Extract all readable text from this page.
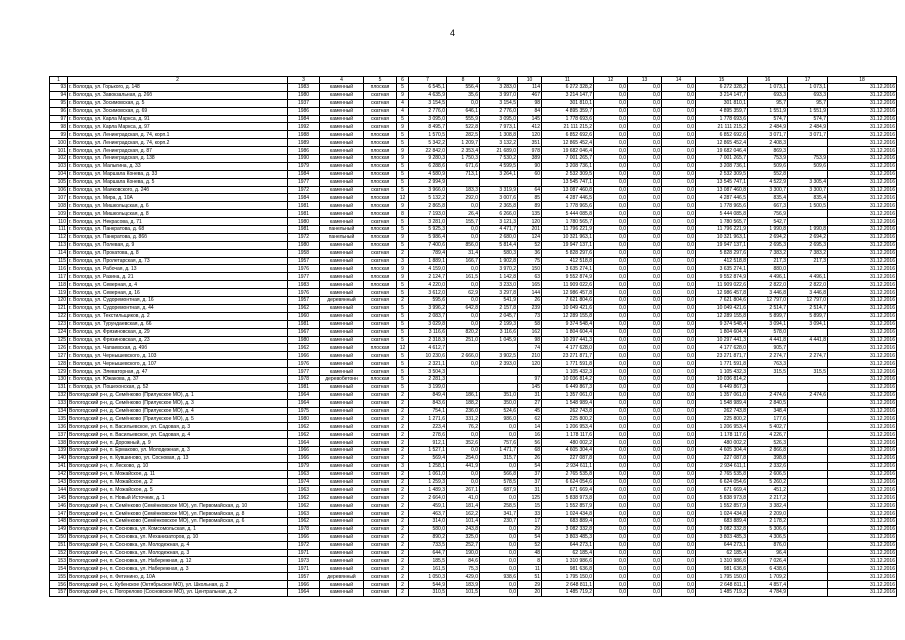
4
1	2	3	4	5	6	7	8	9	10	11	12	13	14	15	16	17	18
93	г. Вологда, ул. Горького, д. 148	1983	каменный	плоская	5	6 545,1	556,4	3 283,0	114	6 272 328,2	0,0	0,0	0,0	6 272 328,2	1 073,1	1 073,1	31.12.2016
94	г. Вологда, ул. Завокзальная, д. 26б	1980	каменный	скатная	9	4 635,9	35,6	3 997,0	467	3 214 147,7	0,0	0,0	0,0	3 214 147,7	693,3	693,3	31.12.2016
95	г. Вологда, ул. Зосимовская, д. 5	1937	каменный	скатная	4	3 154,5	0,0	3 154,5	98	301 810,1	0,0	0,0	0,0	301 810,1	95,7	95,7	31.12.2016
96	г. Вологда, ул. Зосимовская, д. 69	1986	каменный	скатная	4	2 776,0	646,1	2 776,0	84	4 895 359,7	0,0	0,0	0,0	4 895 359,7	1 551,9	1 551,9	31.12.2016
97	г. Вологда, ул. Карла Маркса, д. 91	1984	каменный	скатная	5	3 095,0	555,9	3 095,0	145	1 778 693,6	0,0	0,0	0,0	1 778 693,6	574,7	574,7	31.12.2016
98	г. Вологда, ул. Карла Маркса, д. 97	1992	каменный	скатная	9	8 495,7	522,8	7 973,1	412	21 111 215,2	0,0	0,0	0,0	21 111 215,2	2 484,9	2 484,9	31.12.2016
99	г. Вологда, ул. Ленинградская, д. 74, корп.1	1988	каменный	плоская	5	1 570,5	282,5	1 308,8	120	6 852 692,6	0,0	0,0	0,0	6 852 692,6	3 071,7	3 071,7	31.12.2016
100	г. Вологда, ул. Ленинградская, д. 74, корп.2	1989	каменный	плоская	5	5 342,2	1 209,7	3 132,2	351	12 865 452,4	0,0	0,0	0,0	12 865 452,4	2 408,3		31.12.2016
101	г. Вологда, ул. Ленинградская, д. 87	1986	каменный	плоская	9	22 842,0	2 353,4	21 689,0	978	19 682 046,4	0,0	0,0	0,0	19 682 046,4	869,3		31.12.2016
102	г. Вологда, ул. Ленинградская, д. 138	1990	каменный	плоская	9	9 280,3	1 750,3	7 530,2	389	7 001 265,7	0,0	0,0	0,0	7 001 265,7	753,9	753,9	31.12.2016
103	г. Вологда, ул. Малыгина, д. 33	1979	каменный	плоская	5	6 288,6	671,6	4 599,5	90	3 208 736,1	0,0	0,0	0,0	3 208 736,1	509,6	509,6	31.12.2016
104	г. Вологда, ул. Маршала Конева, д. 33	1984	каменный	плоская	5	4 580,9	713,1	3 264,1	60	2 532 309,5	0,0	0,0	0,0	2 532 309,5	552,8		31.12.2016
105	г. Вологда, ул. Маршала Конева, д. 5	1977	каменный	плоская	5	2 994,9				13 545 747,1	0,0	0,0	0,0	13 545 747,1	4 522,9	3 305,4	31.12.2016
106	г. Вологда, ул. Маяковского, д. 24б	1972	каменный	скатная	5	3 966,0	183,3	3 319,9	64	13 087 460,8	0,0	0,0	0,0	13 087 460,8	3 300,7	3 300,7	31.12.2016
107	г. Вологда, ул. Мира, д. 10А	1984	каменный	плоская	12	5 132,2	292,0	3 007,6	85	4 287 446,5	0,0	0,0	0,0	4 287 446,5	835,4	835,4	31.12.2016
108	г. Вологда, ул. Мишкольцская, д. 6	1981	каменный	плоская	9	2 865,8	0,0	2 365,8	89	1 778 965,6	0,0	0,0	0,0	1 778 965,6	667,3	1 500,5	31.12.2016
109	г. Вологда, ул. Мишкольцская, д. 8	1981	каменный	плоская	8	7 193,0	26,4	6 266,0	135	5 444 085,8	0,0	0,0	0,0	5 444 085,8	756,9		31.12.2016
110	г. Вологда, ул. Некрасова, д. 71	1980	каменный	скатная	5	3 281,0	155,7	3 121,3	120	1 780 565,7	0,0	0,0	0,0	1 780 565,7	542,7		31.12.2016
111	г. Вологда, ул. Панкратова, д. 68	1981	панельный	плоская	5	5 925,3	0,0	4 471,7	201	11 796 221,9	0,0	0,0	0,0	11 796 221,9	1 990,8	1 990,8	31.12.2016
112	г. Вологда, ул. Панкратова, д. 86б	1972	панельный	плоская	9	5 986,4	0,0	2 680,0	124	10 321 963,1	0,0	0,0	0,0	10 321 963,1	2 694,2	2 694,2	31.12.2016
113	г. Вологда, ул. Полевая, д. 9	1980	каменный	плоская	5	7 400,6	856,0	5 814,4	52	19 947 137,1	0,0	0,0	0,0	19 947 137,1	2 695,3	2 695,3	31.12.2016
114	г. Вологда, ул. Прокатова, д. 8	1958	каменный	скатная	2	789,4	31,4	580,3	36	5 828 297,6	0,0	0,0	0,0	5 828 297,6	7 383,2	7 383,2	31.12.2016
115	г. Вологда, ул. Пролетарская, д. 73	1957	каменный	скатная	3	1 889,1	166,7	1 902,8	75	412 518,8	0,0	0,0	0,0	412 518,8	217,3	217,3	31.12.2016
116	г. Вологда, ул. Рабочая, д. 13	1976	каменный	плоская	9	4 159,0	0,0	3 970,2	150	3 635 274,1	0,0	0,0	0,0	3 635 274,1	880,0		31.12.2016
117	г. Вологда, ул. Разина, д. 21	1977	каменный	плоская	9	2 124,7	161,5	1 142,8	63	9 552 874,9	0,0	0,0	0,0	9 552 874,9	4 496,1	4 496,1	31.12.2016
118	г. Вологда, ул. Северная, д. 4	1983	каменный	плоская	5	4 220,0	0,0	3 233,0	165	11 909 022,6	0,0	0,0	0,0	11 909 022,6	2 822,0	2 822,0	31.12.2016
119	г. Вологда, ул. Северная, д. 16	1976	каменный	скатная	5	3 612,0	62,9	3 297,8	144	12 986 457,8	0,0	0,0	0,0	12 986 457,8	3 446,8	3 446,8	31.12.2016
120	г. Вологда, ул. Судоремонтная, д. 16	1957	деревянный	скатная	2	595,6	0,0	541,9	26	7 621 804,6	0,0	0,0	0,0	7 621 804,6	12 797,0	12 797,0	31.12.2016
121	г. Вологда, ул. Судоремонтная, д. 44	1962	каменный	скатная	5	3 996,2	642,8	2 157,8	239	10 049 421,6	0,0	0,0	0,0	10 049 421,6	2 514,7	2 514,7	31.12.2016
122	г. Вологда, ул. Текстильщиков, д. 2	1960	каменный	скатная	5	2 083,7	0,0	2 045,7	73	12 289 155,8	0,0	0,0	0,0	12 289 155,8	5 899,7	5 899,7	31.12.2016
123	г. Вологда, ул. Турундаевская, д. 66	1981	каменный	скатная	5	3 029,8	0,0	2 199,3	58	9 374 548,4	0,0	0,0	0,0	9 374 548,4	3 094,1	3 094,1	31.12.2016
124	г. Вологда, ул. Фрязиновская, д. 29	1967	каменный	скатная	5	3 116,6	820,2	3 116,6	162	1 804 604,4	0,0	0,0	0,0	1 804 604,4	578,0		31.12.2016
125	г. Вологда, ул. Фрязиновская, д. 23	1980	каменный	скатная	5	2 318,3	251,0	1 045,9	98	10 297 441,3	0,0	0,0	0,0	10 297 441,3	4 441,8	4 441,8	31.12.2016
126	г. Вологда, ул. Чапаевская, д. 49б	1962	каменный	плоская	12	4 612,7			74	4 177 628,0	0,0	0,0	0,0	4 177 628,0	905,7		31.12.2016
127	г. Вологда, ул. Чернышевского, д. 103	1966	каменный	скатная	5	10 230,6	2 666,0	3 902,5	210	23 271 871,7	0,0	0,0	0,0	23 271 871,7	2 274,7	2 274,7	31.12.2016
128	г. Вологда, ул. Чернышевского, д. 107	1976	каменный	скатная	5	2 321,1	0,0	2 393,0	120	1 771 591,8	0,0	0,0	0,0	1 771 591,8	763,3		31.12.2016
129	г. Вологда, ул. Элеваторная, д. 47	1977	каменный	скатная	5	3 504,3				1 105 432,3	0,0	0,0	0,0	1 105 432,3	315,5	315,5	31.12.2016
130	г. Вологда, ул. Южакова, д. 37	1978	деревобетонн	плоская	5	2 281,3			97	10 036 814,2	0,0	0,0	0,0	10 036 814,2			31.12.2016
131	г. Вологда, ул. Пошехонская, д. 52	1981	каменный	скатная	5	3 199,0			145	6 449 867,3	0,0	0,0	0,0	6 449 867,3			31.12.2016
132	Вологодский р-н, д. Семёнково (Прилукское МО), д. 1	1964	каменный	скатная	2	849,4	186,1	351,0	31	1 357 061,0	0,0	0,0	0,0	1 357 061,0	2 474,6	2 474,6	31.12.2016
133	Вологодский р-н, д. Семёнково (Прилукское МО), д. 3	1964	каменный	скатная	2	843,6	188,2	350,0	27	1 548 989,4	0,0	0,0	0,0	1 548 989,4	2 840,5		31.12.2016
134	Вологодский р-н, д. Семёнково (Прилукское МО), д. 4	1975	каменный	скатная	2	754,1	236,0	524,6	45	262 743,8	0,0	0,0	0,0	262 743,8	348,4		31.12.2016
135	Вологодский р-н, д. Семёнково (Прилукское МО), д. 5	1980	каменный	скатная	2	1 271,6	331,2	986,0	62	225 800,2	0,0	0,0	0,0	225 800,2	177,6		31.12.2016
136	Вологодский р-н, п. Васильевское, ул. Садовая, д. 3	1962	каменный	скатная	2	223,4	76,2	0,0	14	1 206 953,4	0,0	0,0	0,0	1 206 953,4	5 402,7		31.12.2016
137	Вологодский р-н, п. Васильевское, ул. Садовая, д. 4	1962	каменный	скатная	2	278,6	0,0	0,0	16	1 178 117,6	0,0	0,0	0,0	1 178 117,6	4 226,7		31.12.2016
138	Вологодский р-н, п. Дорожный, д. 9	1964	каменный	скатная	2	912,1	352,6	757,6	56	480 002,2	0,0	0,0	0,0	480 002,2	526,3		31.12.2016
139	Вологодский р-н, п. Ермаково, ул. Молодежная, д. 3	1966	каменный	скатная	2	1 527,1	0,0	1 471,7	68	4 605 304,4	0,0	0,0	0,0	4 605 304,4	2 866,8		31.12.2016
140	Вологодский р-н, п. Кувшиново, ул. Сосновая, д. 13	1966	каменный	скатная	2	569,4	254,0	315,7	26	227 087,8	0,0	0,0	0,0	227 087,8	398,8		31.12.2016
141	Вологодский р-н, п. Лесково, д. 10	1979	каменный	скатная	3	1 258,1	441,9	0,0	54	2 934 611,1	0,0	0,0	0,0	2 934 611,1	2 332,6		31.12.2016
142	Вологодский р-н, п. Можайское, д. 11	1963	каменный	скатная	2	1 061,0	0,0	566,8	37	2 765 535,8	0,0	0,0	0,0	2 765 535,8	2 606,5		31.12.2016
143	Вологодский р-н, п. Можайское, д. 2	1974	каменный	скатная	2	1 259,3	0,0	578,5	37	6 624 054,6	0,0	0,0	0,0	6 624 054,6	5 260,2		31.12.2016
144	Вологодский р-н, п. Можайское, д. 5	1963	каменный	скатная	2	1 489,3	267,1	687,9	31	671 669,4	0,0	0,0	0,0	671 669,4	451,2		31.12.2016
145	Вологодский р-н, п. Новый Источник, д. 1	1962	каменный	скатная	2	2 664,0	41,0	0,0	125	5 838 973,8	0,0	0,0	0,0	5 838 973,8	2 217,2		31.12.2016
146	Вологодский р-н, п. Семёнково (Семёнковское МО), ул. Первомайская, д. 10	1962	каменный	скатная	2	459,1	181,4	258,5	15	1 552 857,9	0,0	0,0	0,0	1 552 857,9	3 382,4		31.12.2016
147	Вологодский р-н, п. Семёнково (Семёнковское МО), ул. Первомайская, д. 8	1963	каменный	скатная	2	463,7	162,2	341,7	33	1 024 434,8	0,0	0,0	0,0	1 024 434,8	2 209,0		31.12.2016
148	Вологодский р-н, п. Семёнково (Семёнковское МО), ул. Первомайская, д. 6	1962	каменный	скатная	2	314,0	101,4	230,7	17	683 889,4	0,0	0,0	0,0	683 889,4	2 178,2		31.12.2016
149	Вологодский р-н, п. Сосновка, ул. Комсомольская, д. 1	1978	каменный	скатная	2	580,0	243,8	0,0	29	3 082 332,8	0,0	0,0	0,0	3 082 332,8	5 306,6		31.12.2016
150	Вологодский р-н, п. Сосновка, ул. Механизаторов, д. 10	1966	каменный	скатная	2	890,2	325,0	0,0	54	3 803 485,3	0,0	0,0	0,0	3 803 485,3	4 306,5		31.12.2016
151	Вологодский р-н, п. Сосновка, ул. Молодежная, д. 4	1972	каменный	скатная	2	733,5	252,7	0,0	52	644 273,1	0,0	0,0	0,0	644 273,1	876,0		31.12.2016
152	Вологодский р-н, п. Сосновка, ул. Молодежная, д. 3	1971	каменный	скатная	2	644,7	190,0	0,0	48	62 185,4	0,0	0,0	0,0	62 185,4	96,4		31.12.2016
153	Вологодский р-н, п. Сосновка, ул. Набережная, д. 12	1973	каменный	скатная	2	185,5	84,6	0,0	8	1 310 986,6	0,0	0,0	0,0	1 310 986,6	7 026,4		31.12.2016
154	Вологодский р-н, п. Сосновка, ул. Набережная, д. 3	1971	каменный	скатная	2	161,5	75,3	0,0	11	981 636,8	0,0	0,0	0,0	981 636,8	6 438,6		31.12.2016
155	Вологодский р-н, п. Фетинино, д. 10А	1957	деревянный	скатная	2	1 050,3	429,0	938,6	51	1 795 150,0	0,0	0,0	0,0	1 795 150,0	1 709,2		31.12.2016
156	Вологодский р-н, с. Кубенское (Октябрьское МО), ул. Школьная, д. 2	1966	каменный	скатная	2	544,9	183,9	0,0	29	2 648 811,1	0,0	0,0	0,0	2 648 811,1	4 857,4		31.12.2016
157	Вологодский р-н, с. Погорелово (Сосновское МО), ул. Центральная, д. 2	1964	каменный	скатная	2	310,5	101,5	0,0	20	1 485 719,2	0,0	0,0	0,0	1 485 719,2	4 784,9		31.12.2016
